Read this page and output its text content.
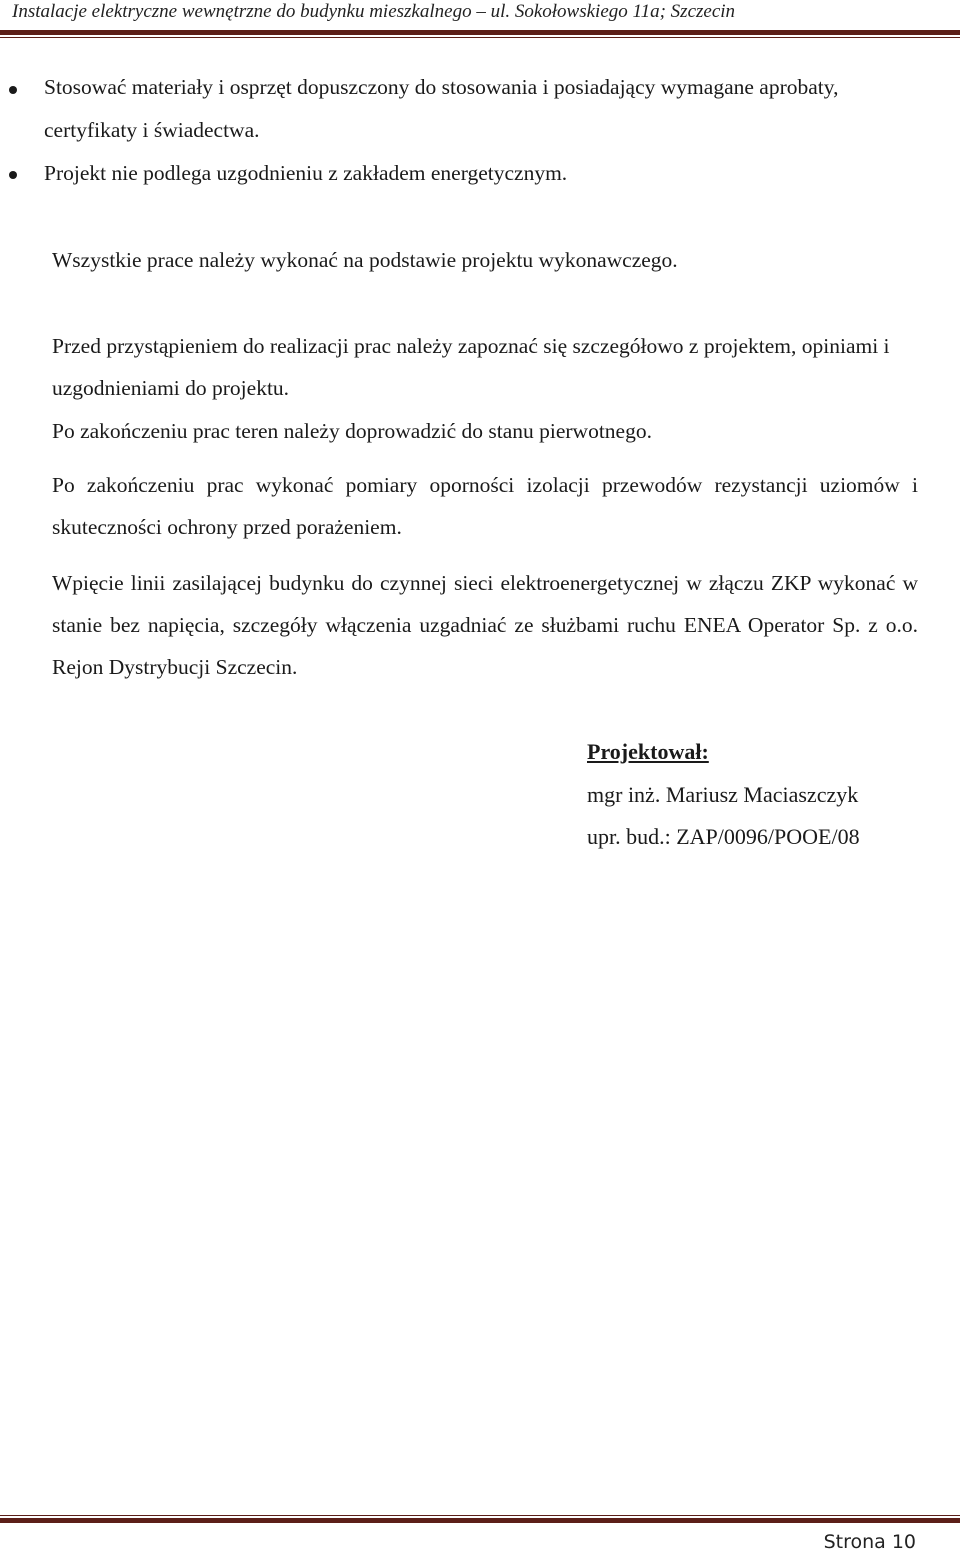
Instalacje elektryczne wewnętrzne do budynku mieszkalnego – ul. Sokołowskiego 11a; Szczecin
Stosować materiały i osprzęt dopuszczony do stosowania i posiadający wymagane aprobaty, certyfikaty i świadectwa.
Projekt nie podlega uzgodnieniu z zakładem energetycznym.
Wszystkie prace należy wykonać na podstawie projektu wykonawczego.
Przed przystąpieniem do realizacji prac należy zapoznać się szczegółowo z projektem, opiniami i uzgodnieniami do projektu.
Po zakończeniu prac teren należy doprowadzić do stanu pierwotnego.
Po zakończeniu prac wykonać pomiary oporności izolacji przewodów rezystancji uziomów i skuteczności ochrony przed porażeniem.
Wpięcie linii zasilającej budynku do czynnej sieci elektroenergetycznej w złączu ZKP wykonać w stanie bez napięcia, szczegóły włączenia uzgadniać ze służbami ruchu ENEA Operator Sp. z o.o. Rejon Dystrybucji Szczecin.
Projektował:
mgr inż. Mariusz Maciaszczyk
upr. bud.: ZAP/0096/POOE/08
Strona 10
